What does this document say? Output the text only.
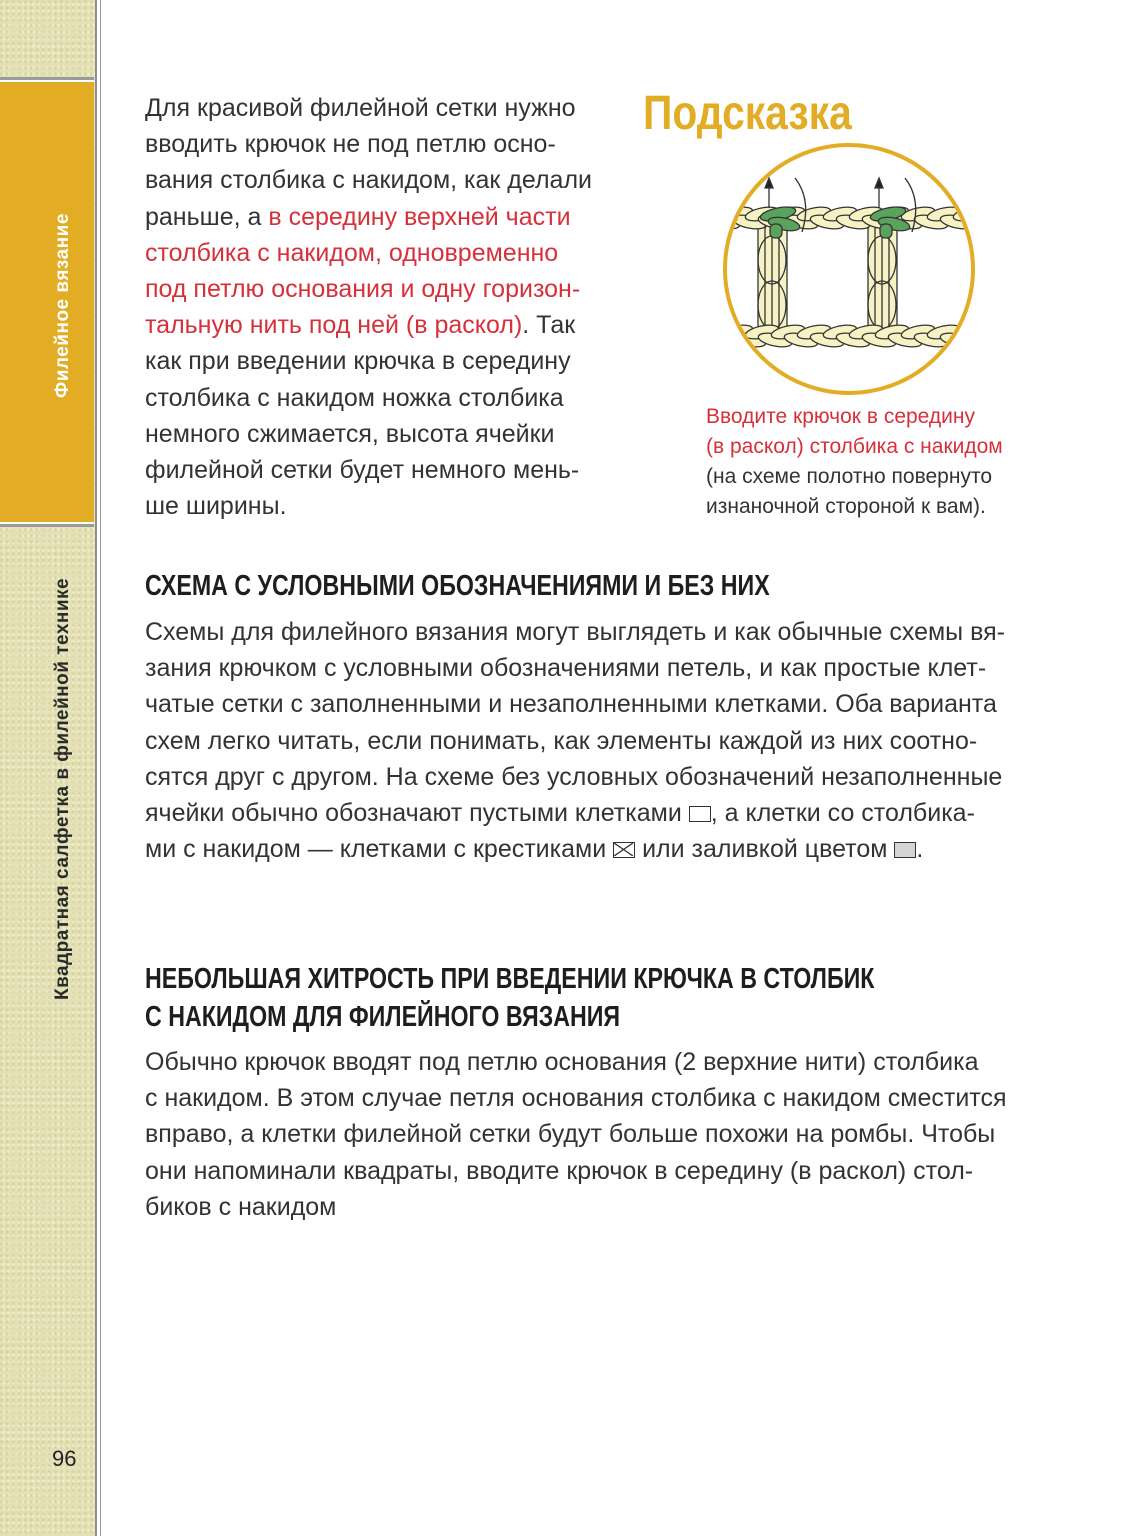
Филейное вязание
Квадратная салфетка в филейной технике
96
Для красивой филейной сетки нужно
вводить крючок не под петлю осно-
вания столбика с накидом, как делали
раньше, а в середину верхней части
столбика с накидом, одновременно
под петлю основания и одну горизон-
тальную нить под ней (в раскол). Так
как при введении крючка в середину
столбика с накидом ножка столбика
немного сжимается, высота ячейки
филейной сетки будет немного мень-
ше ширины.
Подсказка
Вводите крючок в середину
(в раскол) столбика с накидом
(на схеме полотно повернуто
изнаночной стороной к вам).
СХЕМА С УСЛОВНЫМИ ОБОЗНАЧЕНИЯМИ И БЕЗ НИХ
Схемы для филейного вязания могут выглядеть и как обычные схемы вя-
зания крючком с условными обозначениями петель, и как простые клет-
чатые сетки с заполненными и незаполненными клетками. Оба варианта
схем легко читать, если понимать, как элементы каждой из них соотно-
сятся друг с другом. На схеме без условных обозначений незаполненные
ячейки обычно обозначают пустыми клетками , а клетки со столбика-
ми с накидом — клетками с крестиками
или заливкой цветом .
НЕБОЛЬШАЯ ХИТРОСТЬ ПРИ ВВЕДЕНИИ КРЮЧКА В СТОЛБИК
С НАКИДОМ ДЛЯ ФИЛЕЙНОГО ВЯЗАНИЯ
Обычно крючок вводят под петлю основания (2 верхние нити) столбика
с накидом. В этом случае петля основания столбика с накидом сместится
вправо, а клетки филейной сетки будут больше похожи на ромбы. Чтобы
они напоминали квадраты, вводите крючок в середину (в раскол) стол-
биков с накидом
